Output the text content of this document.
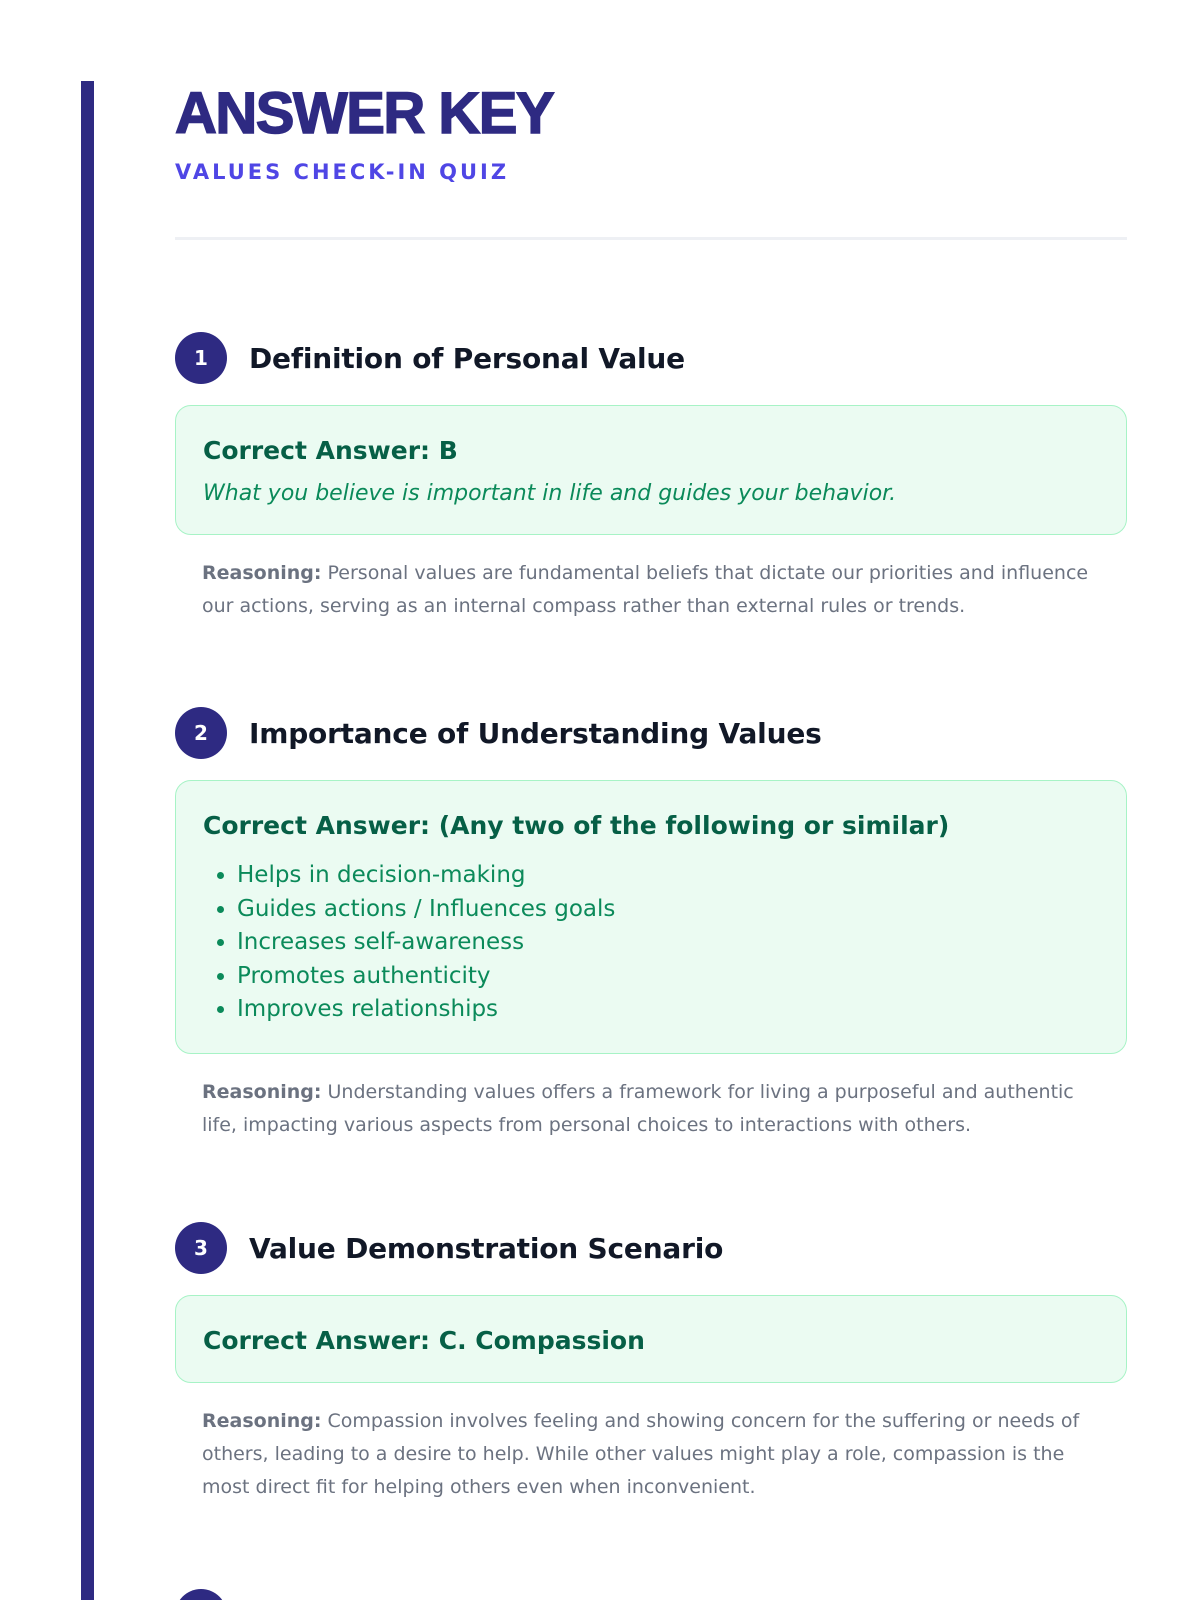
ANSWER KEY
VALUES CHECK-IN QUIZ
1	Definition of Personal Value
Correct Answer: B
What you believe is important in life and guides your behavior.
Reasoning: Personal values are fundamental beliefs that dictate our priorities and influence our actions, serving as an internal compass rather than external rules or trends.
2	Importance of Understanding Values
Correct Answer: (Any two of the following or similar)
• Helps in decision-making
• Guides actions / Influences goals
• Increases self-awareness
• Promotes authenticity
• Improves relationships
Reasoning: Understanding values offers a framework for living a purposeful and authentic life, impacting various aspects from personal choices to interactions with others.
3	Value Demonstration Scenario
Correct Answer: C. Compassion
Reasoning: Compassion involves feeling and showing concern for the suffering or needs of others, leading to a desire to help. While other values might play a role, compassion is the most direct fit for helping others even when inconvenient.
